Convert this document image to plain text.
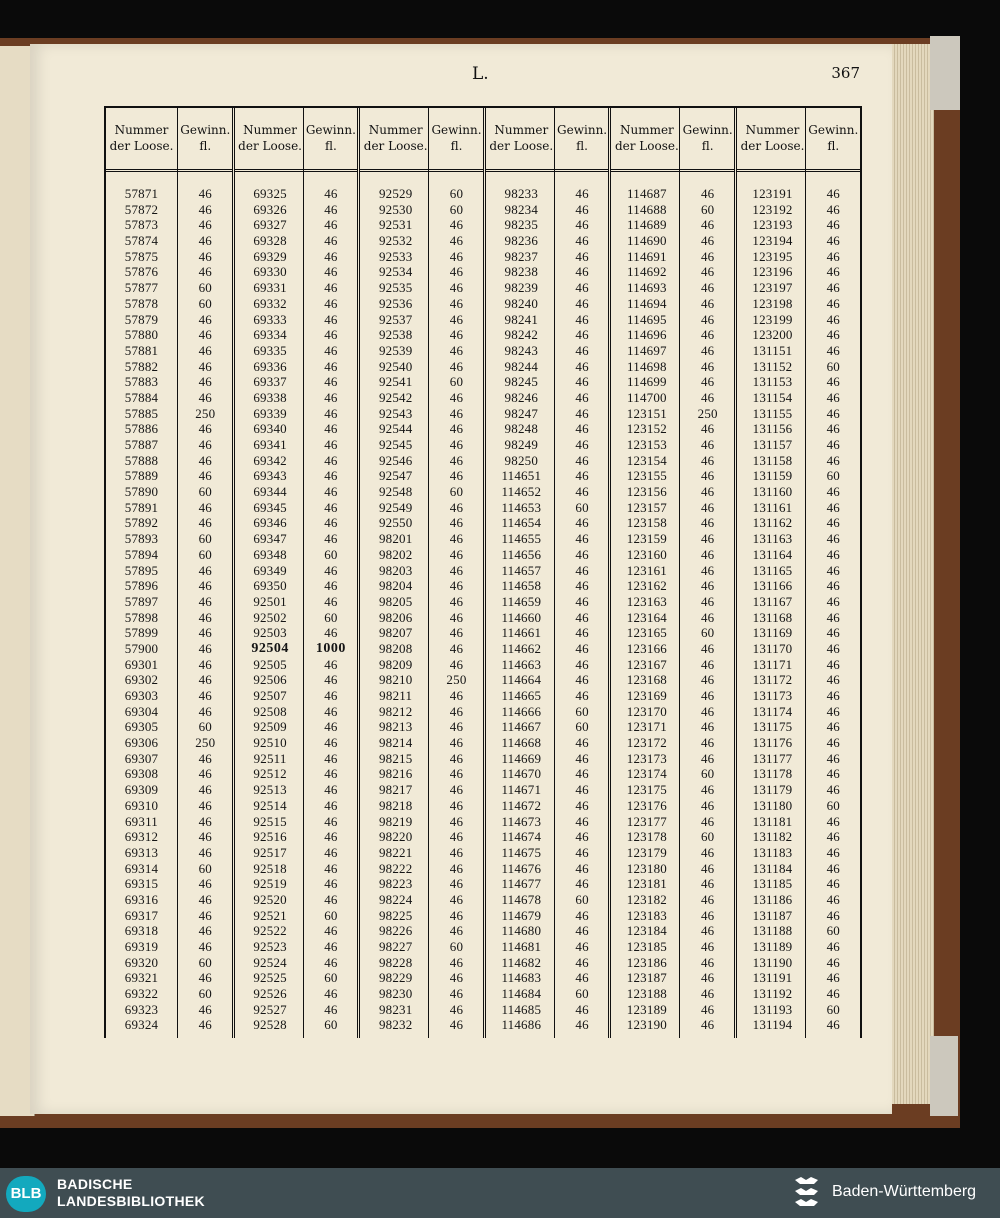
L.	367
Nummer
der Loose.
57871
57872
57873
57874
57875
57876
57877
57878
57879
57880
57881
57882
57883
57884
57885
57886
57887
57888
57889
57890
57891
57892
57893
57894
57895
57896
57897
57898
57899
57900
69301
69302
69303
69304
69305
69306
69307
69308
69309
69310
69311
69312
69313
69314
69315
69316
69317
69318
69319
69320
69321
69322
69323
69324
Gewinn.
fl.
46
46
46
46
46
46
60
60
46
46
46
46
46
46
250
46
46
46
46
60
46
46
60
60
46
46
46
46
46
46
46
46
46
46
60
250
46
46
46
46
46
46
46
60
46
46
46
46
46
60
46
60
46
46
Nummer
der Loose.
69325
69326
69327
69328
69329
69330
69331
69332
69333
69334
69335
69336
69337
69338
69339
69340
69341
69342
69343
69344
69345
69346
69347
69348
69349
69350
92501
92502
92503
92504
92505
92506
92507
92508
92509
92510
92511
92512
92513
92514
92515
92516
92517
92518
92519
92520
92521
92522
92523
92524
92525
92526
92527
92528
Gewinn.
fl.
46
46
46
46
46
46
46
46
46
46
46
46
46
46
46
46
46
46
46
46
46
46
46
60
46
46
46
60
46
1000
46
46
46
46
46
46
46
46
46
46
46
46
46
46
46
46
60
46
46
46
60
46
46
60
Nummer
der Loose.
92529
92530
92531
92532
92533
92534
92535
92536
92537
92538
92539
92540
92541
92542
92543
92544
92545
92546
92547
92548
92549
92550
98201
98202
98203
98204
98205
98206
98207
98208
98209
98210
98211
98212
98213
98214
98215
98216
98217
98218
98219
98220
98221
98222
98223
98224
98225
98226
98227
98228
98229
98230
98231
98232
Gewinn.
fl.
60
60
46
46
46
46
46
46
46
46
46
46
60
46
46
46
46
46
46
60
46
46
46
46
46
46
46
46
46
46
46
250
46
46
46
46
46
46
46
46
46
46
46
46
46
46
46
46
60
46
46
46
46
46
Nummer
der Loose.
98233
98234
98235
98236
98237
98238
98239
98240
98241
98242
98243
98244
98245
98246
98247
98248
98249
98250
114651
114652
114653
114654
114655
114656
114657
114658
114659
114660
114661
114662
114663
114664
114665
114666
114667
114668
114669
114670
114671
114672
114673
114674
114675
114676
114677
114678
114679
114680
114681
114682
114683
114684
114685
114686
Gewinn.
fl.
46
46
46
46
46
46
46
46
46
46
46
46
46
46
46
46
46
46
46
46
60
46
46
46
46
46
46
46
46
46
46
46
46
60
60
46
46
46
46
46
46
46
46
46
46
60
46
46
46
46
46
60
46
46
Nummer
der Loose.
114687
114688
114689
114690
114691
114692
114693
114694
114695
114696
114697
114698
114699
114700
123151
123152
123153
123154
123155
123156
123157
123158
123159
123160
123161
123162
123163
123164
123165
123166
123167
123168
123169
123170
123171
123172
123173
123174
123175
123176
123177
123178
123179
123180
123181
123182
123183
123184
123185
123186
123187
123188
123189
123190
Gewinn.
fl.
46
60
46
46
46
46
46
46
46
46
46
46
46
46
250
46
46
46
46
46
46
46
46
46
46
46
46
46
60
46
46
46
46
46
46
46
46
60
46
46
46
60
46
46
46
46
46
46
46
46
46
46
46
46
Nummer
der Loose.
123191
123192
123193
123194
123195
123196
123197
123198
123199
123200
131151
131152
131153
131154
131155
131156
131157
131158
131159
131160
131161
131162
131163
131164
131165
131166
131167
131168
131169
131170
131171
131172
131173
131174
131175
131176
131177
131178
131179
131180
131181
131182
131183
131184
131185
131186
131187
131188
131189
131190
131191
131192
131193
131194
Gewinn.
fl.
46
46
46
46
46
46
46
46
46
46
46
60
46
46
46
46
46
46
60
46
46
46
46
46
46
46
46
46
46
46
46
46
46
46
46
46
46
46
46
60
46
46
46
46
46
46
46
60
46
46
46
46
60
46
BLB
BADISCHE
LANDESBIBLIOTHEK
Baden-Württemberg
